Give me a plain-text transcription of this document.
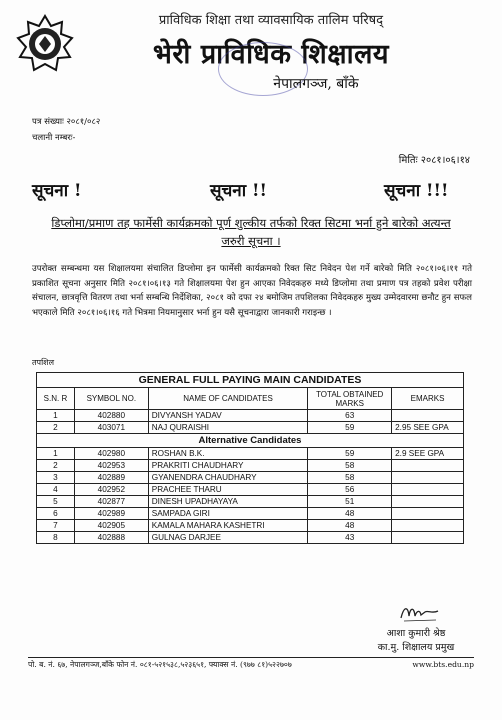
प्राविधिक शिक्षा तथा व्यावसायिक तालिम परिषद्
भेरी प्राविधिक शिक्षालय
नेपालगञ्ज, बाँके
पत्र संख्याः २०८१/०८२
चलानी नम्बरः-
मितिः २०८१।०६।१४
सूचना !	सूचना !!	सूचना !!!
डिप्लोमा/प्रमाण तह फार्मेसी कार्यक्रमको पूर्ण शुल्कीय तर्फको रिक्त सिटमा भर्ना हुने बारेको अत्यन्त जरुरी सूचना ।
उपरोक्त सम्बन्धमा यस शिक्षालयमा संचालित डिप्लोमा इन फार्मेसी कार्यक्रमको रिक्त सिट निवेदन पेश गर्ने बारेको मिति २०८१।०६।११ गते प्रकाशित सूचना अनुसार मिति २०८१।०६।१३ गते शिक्षालयमा पेश हुन आएका निवेदकहरु मध्ये डिप्लोमा तथा प्रमाण पत्र तहको प्रवेश परीक्षा संचालन, छात्रवृत्ति वितरण तथा भर्ना सम्बन्धि निर्देशिका, २०८१ को दफा २४ बमोजिम तपशिलका निवेदकहरु मुख्य उम्मेदवारमा छनौट हुन सफल भएकाले मिति २०८१।०६।१६ गते भित्रमा नियमानुसार भर्ना हुन यसै सूचनाद्वारा जानकारी गराइन्छ ।
तपशिल
GENERAL FULL PAYING MAIN CANDIDATES				
S.N. R	SYMBOL NO.	NAME OF CANDIDATES	TOTAL OBTAINED MARKS	EMARKS
1	402880	DIVYANSH YADAV	63	
2	403071	NAJ QURAISHI	59	2.95 SEE GPA
Alternative Candidates				
1	402980	ROSHAN B.K.	59	2.9 SEE GPA
2	402953	PRAKRITI CHAUDHARY	58	
3	402889	GYANENDRA CHAUDHARY	58	
4	402952	PRACHEE THARU	56	
5	402877	DINESH UPADHAYAYA	51	
6	402989	SAMPADA GIRI	48	
7	402905	KAMALA MAHARA KASHETRI	48	
8	402888	GULNAG DARJEE	43	
आशा कुमारी श्रेष्ठ
का.मु. शिक्षालय प्रमुख
पो. ब. नं. ६७, नेपालगञ्ज,बाँके फोन नं. ०८१-५२१५३८,५२३६५१, फ्याक्स नं. (९७७ ८१)५२२७०७	www.bts.edu.np
